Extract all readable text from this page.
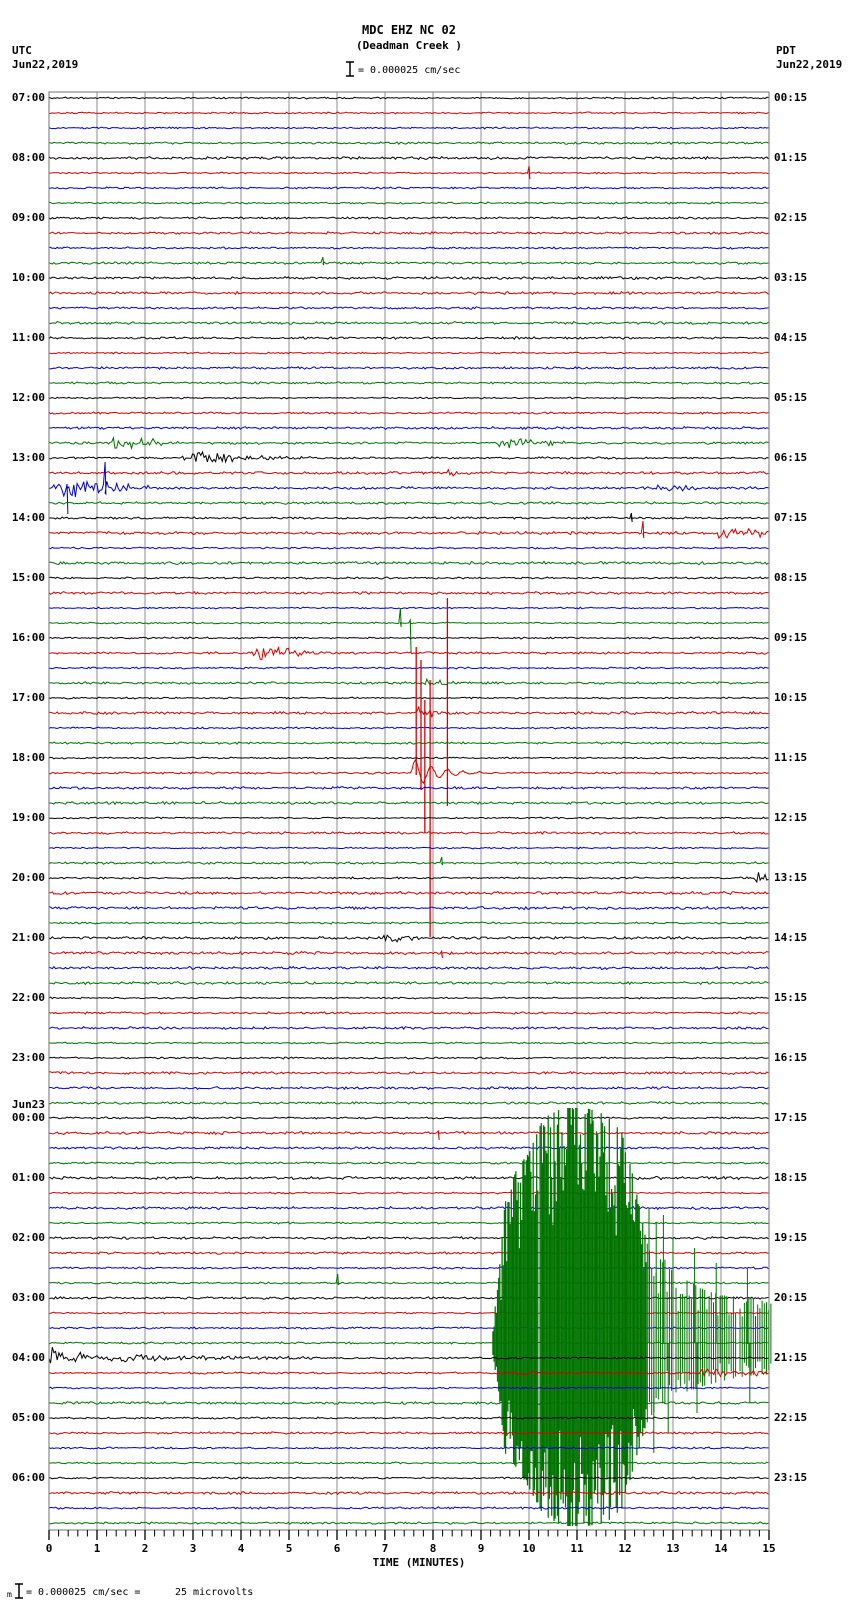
MDC EHZ NC 02
(Deadman Creek )
= 0.000025 cm/sec
UTC
Jun22,2019
PDT
Jun22,2019
TIME (MINUTES)
m = 0.000025 cm/sec =	25 microvolts
07:00
08:00
09:00
10:00
11:00
12:00
13:00
14:00
15:00
16:00
17:00
18:00
19:00
20:00
21:00
22:00
23:00
00:00
Jun23
01:00
02:00
03:00
04:00
05:00
06:00
00:15
01:15
02:15
03:15
04:15
05:15
06:15
07:15
08:15
09:15
10:15
11:15
12:15
13:15
14:15
15:15
16:15
17:15
18:15
19:15
20:15
21:15
22:15
23:15
0	1	2	3	4	5	6	7	8	9	10	11	12	13	14	15
